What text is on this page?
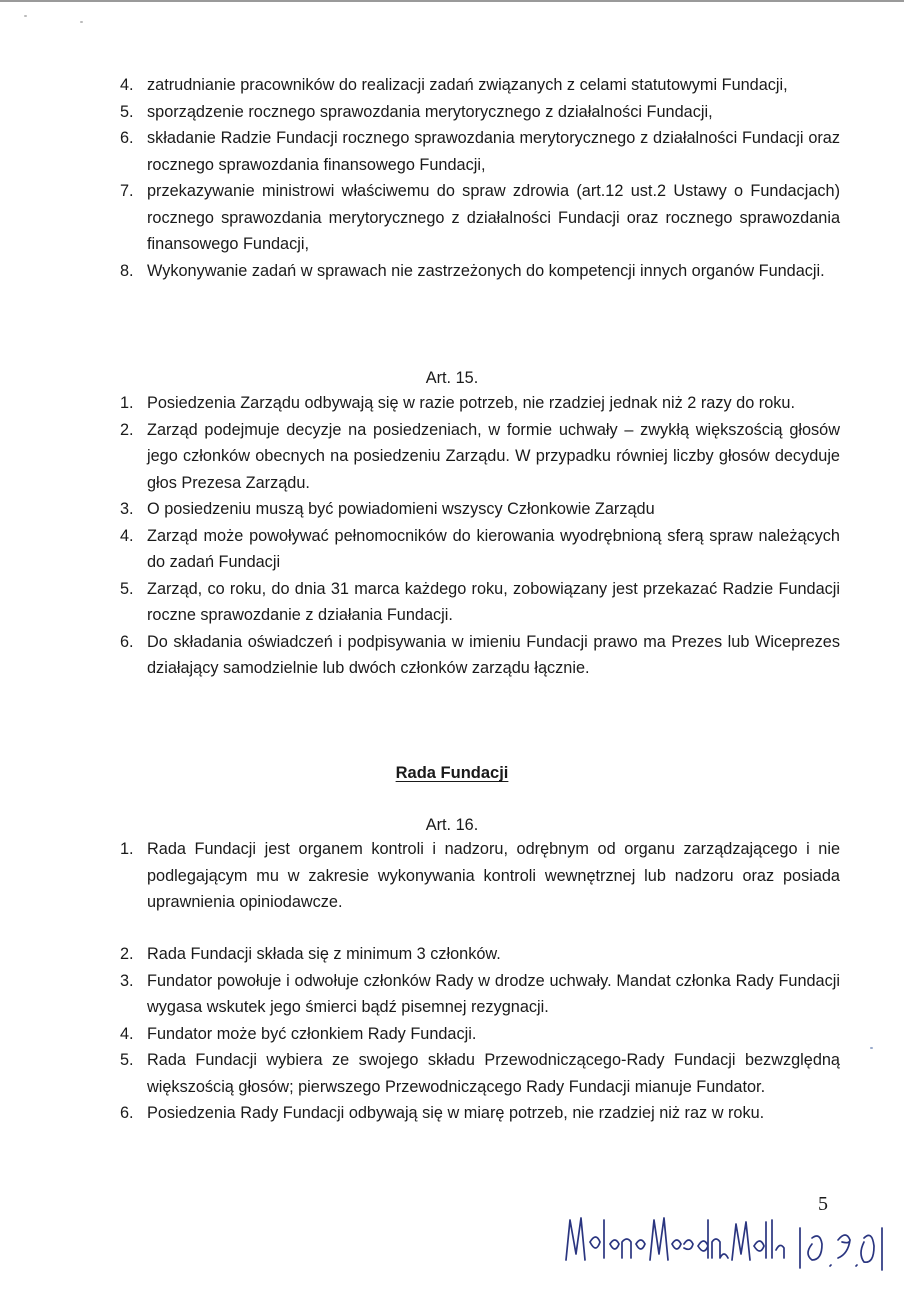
4. zatrudnianie pracowników do realizacji zadań związanych z celami statutowymi Fundacji,
5. sporządzenie rocznego sprawozdania merytorycznego z działalności Fundacji,
6. składanie Radzie Fundacji rocznego sprawozdania merytorycznego z działalności Fundacji oraz rocznego sprawozdania finansowego Fundacji,
7. przekazywanie ministrowi właściwemu do spraw zdrowia (art.12 ust.2 Ustawy o Fundacjach) rocznego sprawozdania merytorycznego z działalności Fundacji oraz rocznego sprawozdania finansowego Fundacji,
8. Wykonywanie zadań w sprawach nie zastrzeżonych do kompetencji innych organów Fundacji.
Art. 15.
1. Posiedzenia Zarządu odbywają się w razie potrzeb, nie rzadziej jednak niż 2 razy do roku.
2. Zarząd podejmuje decyzje na posiedzeniach, w formie uchwały – zwykłą większością głosów jego członków obecnych na posiedzeniu Zarządu. W przypadku równiej liczby głosów decyduje głos Prezesa Zarządu.
3. O posiedzeniu muszą być powiadomieni wszyscy Członkowie Zarządu
4. Zarząd może powoływać pełnomocników do kierowania wyodrębnioną sferą spraw należących do zadań Fundacji
5. Zarząd, co roku, do dnia 31 marca każdego roku, zobowiązany jest przekazać Radzie Fundacji roczne sprawozdanie z działania Fundacji.
6. Do składania oświadczeń i podpisywania w imieniu Fundacji prawo ma Prezes lub Wiceprezes działający samodzielnie lub dwóch członków zarządu łącznie.
Rada Fundacji
Art. 16.
1. Rada Fundacji jest organem kontroli i nadzoru, odrębnym od organu zarządzającego i nie podlegającym mu w zakresie wykonywania kontroli wewnętrznej lub nadzoru oraz posiada uprawnienia opiniodawcze.
2. Rada Fundacji składa się z minimum 3 członków.
3. Fundator powołuje i odwołuje członków Rady w drodze uchwały. Mandat członka Rady Fundacji wygasa wskutek jego śmierci bądź pisemnej rezygnacji.
4. Fundator może być członkiem Rady Fundacji.
5. Rada Fundacji wybiera ze swojego składu Przewodniczącego-Rady Fundacji bezwzględną większością głosów; pierwszego Przewodniczącego Rady Fundacji mianuje Fundator.
6. Posiedzenia Rady Fundacji odbywają się w miarę potrzeb, nie rzadziej niż raz w roku.
5
